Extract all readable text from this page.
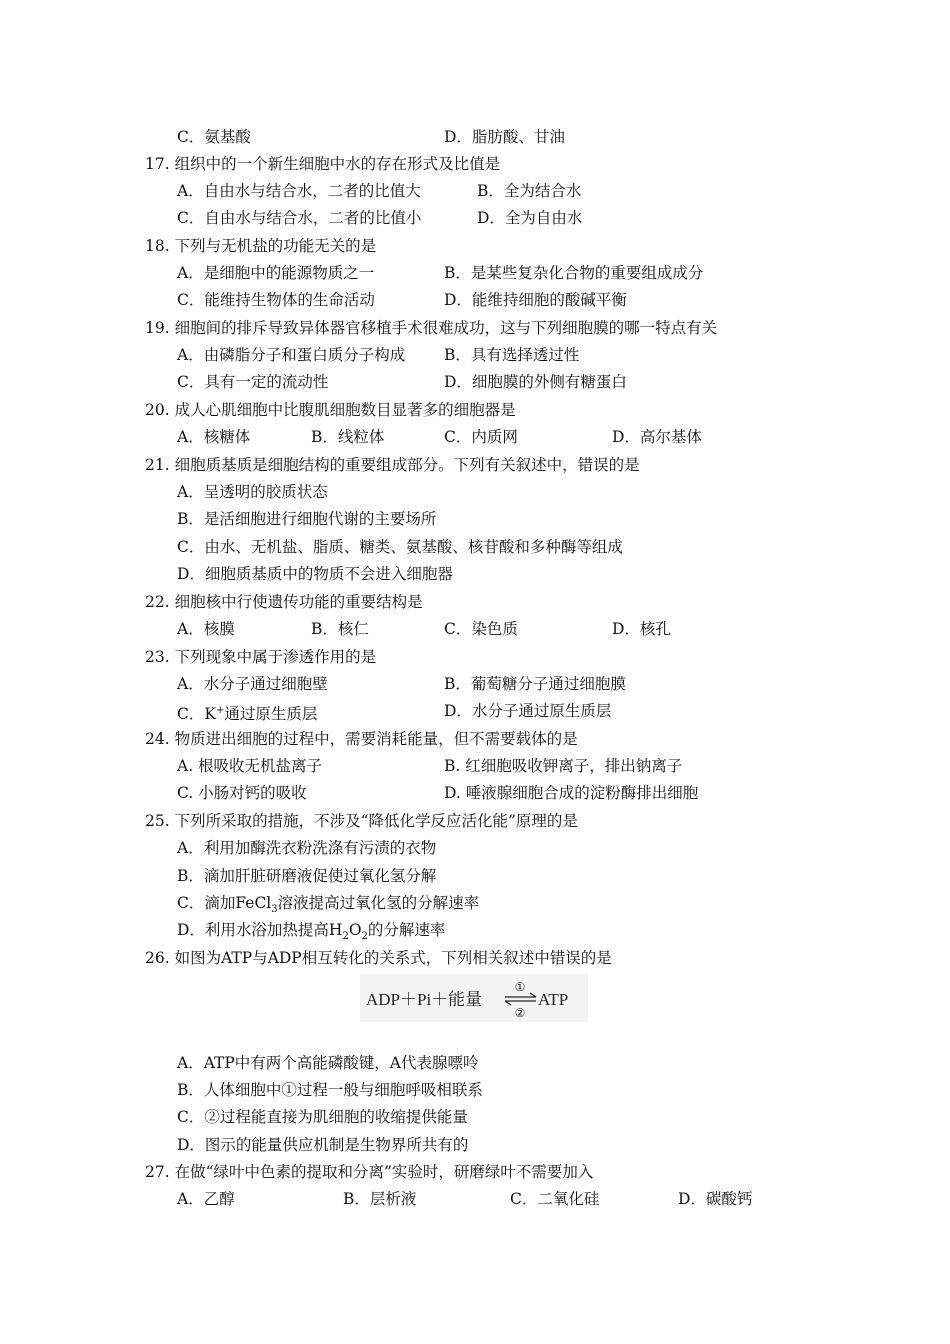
C．氨基酸	D．脂肪酸、甘油
17. 组织中的一个新生细胞中水的存在形式及比值是
A．自由水与结合水，二者的比值大	B．全为结合水
C．自由水与结合水，二者的比值小	D．全为自由水
18. 下列与无机盐的功能无关的是
A．是细胞中的能源物质之一	B．是某些复杂化合物的重要组成成分
C．能维持生物体的生命活动	D．能维持细胞的酸碱平衡
19. 细胞间的排斥导致异体器官移植手术很难成功，这与下列细胞膜的哪一特点有关
A．由磷脂分子和蛋白质分子构成	B．具有选择透过性
C．具有一定的流动性	D．细胞膜的外侧有糖蛋白
20. 成人心肌细胞中比腹肌细胞数目显著多的细胞器是
A．核糖体	B．线粒体	C．内质网	D．高尔基体
21. 细胞质基质是细胞结构的重要组成部分。下列有关叙述中，错误的是
A．呈透明的胶质状态
B．是活细胞进行细胞代谢的主要场所
C．由水、无机盐、脂质、糖类、氨基酸、核苷酸和多种酶等组成
D．细胞质基质中的物质不会进入细胞器
22. 细胞核中行使遗传功能的重要结构是
A．核膜	B．核仁	C．染色质	D．核孔
23. 下列现象中属于渗透作用的是
A．水分子通过细胞壁	B．葡萄糖分子通过细胞膜
C．K+通过原生质层	D．水分子通过原生质层
24. 物质进出细胞的过程中，需要消耗能量，但不需要载体的是
A. 根吸收无机盐离子	B. 红细胞吸收钾离子，排出钠离子
C. 小肠对钙的吸收	D. 唾液腺细胞合成的淀粉酶排出细胞
25. 下列所采取的措施，不涉及“降低化学反应活化能”原理的是
A．利用加酶洗衣粉洗涤有污渍的衣物
B．滴加肝脏研磨液促使过氧化氢分解
C．滴加FeCl$_3$溶液提高过氧化氢的分解速率
D．利用水浴加热提高$H_2O_2$的分解速率
26. 如图为ATP与ADP相互转化的关系式，下列相关叙述中错误的是
ADP＋Pi＋能量
①
②
ATP
A．ATP中有两个高能磷酸键，A代表腺嘌呤
B．人体细胞中①过程一般与细胞呼吸相联系
C．②过程能直接为肌细胞的收缩提供能量
D．图示的能量供应机制是生物界所共有的
27. 在做“绿叶中色素的提取和分离”实验时，研磨绿叶不需要加入
A．乙醇	B．层析液	C．二氧化硅	D．碳酸钙
